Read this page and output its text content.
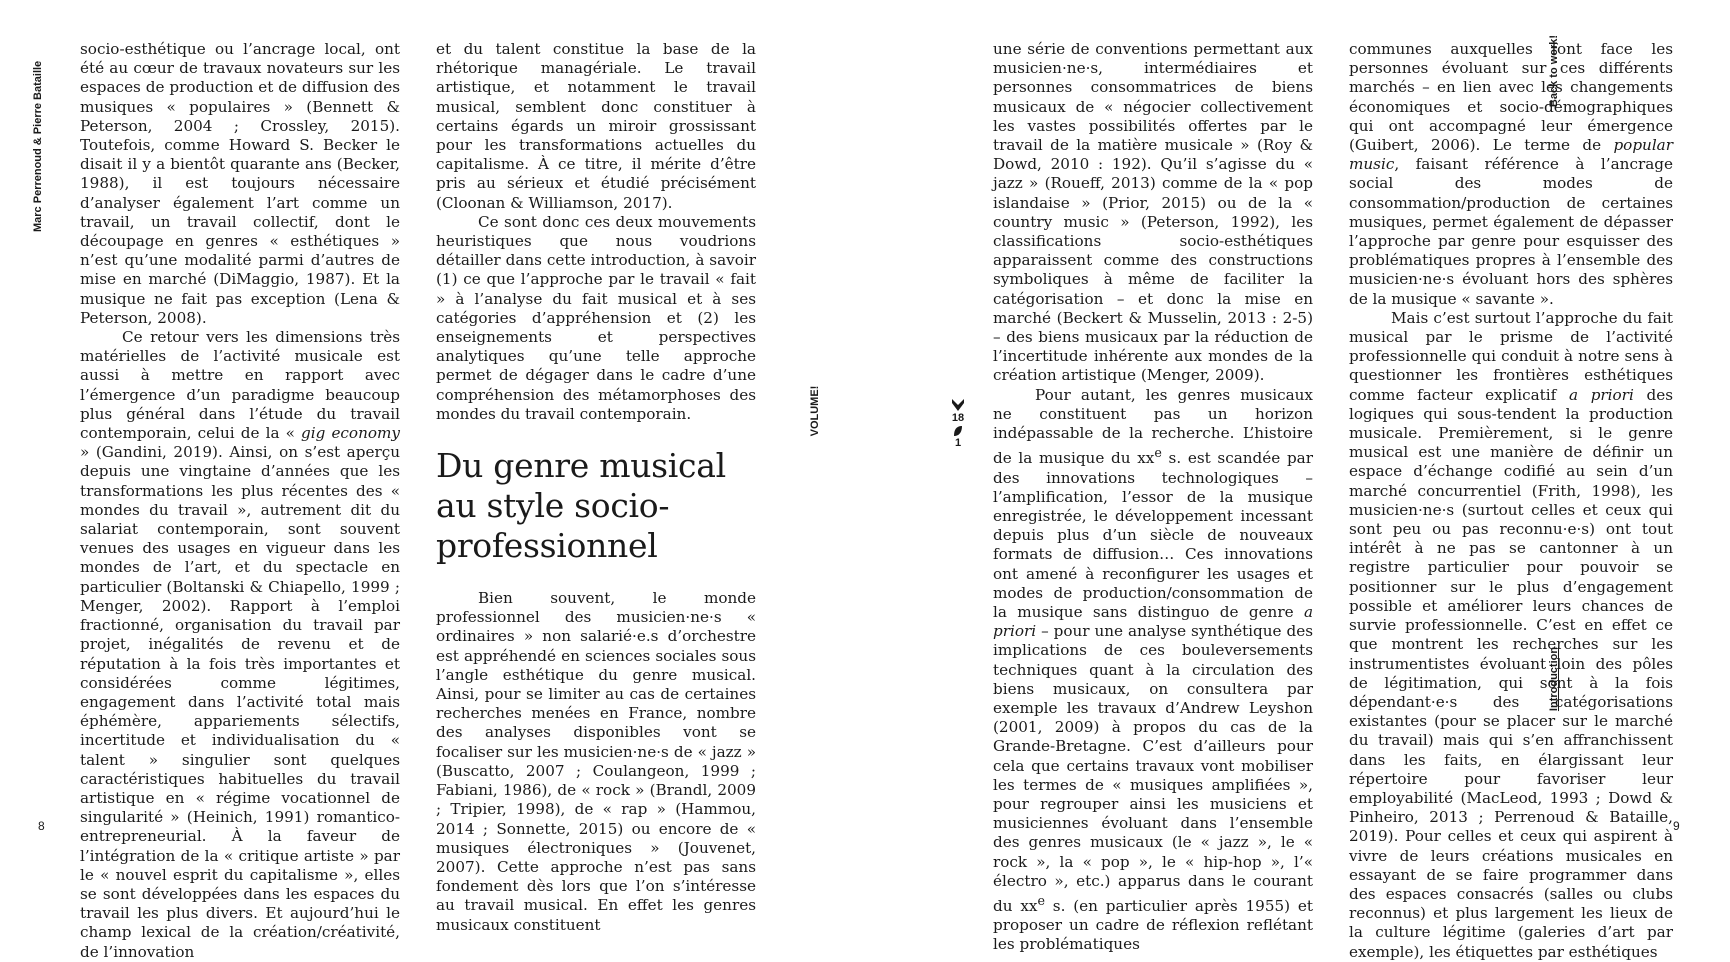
Marc Perrenoud & Pierre Bataille

socio-esthétique ou l’ancrage local, ont été au cœur de travaux novateurs sur les espaces de production et de diffusion des musiques « populaires » (Bennett & Peterson, 2004 ; Crossley, 2015). Toutefois, comme Howard S. Becker le disait il y a bientôt quarante ans (Becker, 1988), il est toujours nécessaire d’analyser également l’art comme un travail, un travail collectif, dont le découpage en genres « esthétiques » n’est qu’une modalité parmi d’autres de mise en marché (DiMaggio, 1987). Et la musique ne fait pas exception (Lena & Peterson, 2008).

Ce retour vers les dimensions très matérielles de l’activité musicale est aussi à mettre en rapport avec l’émergence d’un paradigme beaucoup plus général dans l’étude du travail contemporain, celui de la « gig economy » (Gandini, 2019). Ainsi, on s’est aperçu depuis une vingtaine d’années que les transformations les plus récentes des « mondes du travail », autrement dit du salariat contemporain, sont souvent venues des usages en vigueur dans les mondes de l’art, et du spectacle en particulier (Boltanski & Chiapello, 1999 ; Menger, 2002). Rapport à l’emploi fractionné, organisation du travail par projet, inégalités de revenu et de réputation à la fois très importantes et considérées comme légitimes, engagement dans l’activité total mais éphémère, appariements sélectifs, incertitude et individualisation du « talent » singulier sont quelques caractéristiques habituelles du travail artistique en « régime vocationnel de singularité » (Heinich, 1991) romantico-entrepreneurial. À la faveur de l’intégration de la « critique artiste » par le « nouvel esprit du capitalisme », elles se sont développées dans les espaces du travail les plus divers. Et aujourd’hui le champ lexical de la création/créativité, de l’innovation

et du talent constitue la base de la rhétorique managériale. Le travail artistique, et notamment le travail musical, semblent donc constituer à certains égards un miroir grossissant pour les transformations actuelles du capitalisme. À ce titre, il mérite d’être pris au sérieux et étudié précisément (Cloonan & Williamson, 2017).

Ce sont donc ces deux mouvements heuristiques que nous voudrions détailler dans cette introduction, à savoir (1) ce que l’approche par le travail « fait » à l’analyse du fait musical et à ses catégories d’appréhension et (2) les enseignements et perspectives analytiques qu’une telle approche permet de dégager dans le cadre d’une compréhension des métamorphoses des mondes du travail contemporain.

Du genre musical au style socio-professionnel

Bien souvent, le monde professionnel des musicien·ne·s « ordinaires » non salarié·e.s d’orchestre est appréhendé en sciences sociales sous l’angle esthétique du genre musical. Ainsi, pour se limiter au cas de certaines recherches menées en France, nombre des analyses disponibles vont se focaliser sur les musicien·ne·s de « jazz » (Buscatto, 2007 ; Coulangeon, 1999 ; Fabiani, 1986), de « rock » (Brandl, 2009 ; Tripier, 1998), de « rap » (Hammou, 2014 ; Sonnette, 2015) ou encore de « musiques électroniques » (Jouvenet, 2007). Cette approche n’est pas sans fondement dès lors que l’on s’intéresse au travail musical. En effet les genres musicaux constituent

8
VOLUME!	18
1

une série de conventions permettant aux musicien·ne·s, intermédiaires et personnes consommatrices de biens musicaux de « négocier collectivement les vastes possibilités offertes par le travail de la matière musicale » (Roy & Dowd, 2010 : 192). Qu’il s’agisse du « jazz » (Roueff, 2013) comme de la « pop islandaise » (Prior, 2015) ou de la « country music » (Peterson, 1992), les classifications socio-esthétiques apparaissent comme des constructions symboliques à même de faciliter la catégorisation – et donc la mise en marché (Beckert & Musselin, 2013 : 2-5) – des biens musicaux par la réduction de l’incertitude inhérente aux mondes de la création artistique (Menger, 2009).

Pour autant, les genres musicaux ne constituent pas un horizon indépassable de la recherche. L’histoire de la musique du $xx^e$ s. est scandée par des innovations technologiques – l’amplification, l’essor de la musique enregistrée, le développement incessant depuis plus d’un siècle de nouveaux formats de diffusion… Ces innovations ont amené à reconfigurer les usages et modes de production/consommation de la musique sans distinguo de genre a priori – pour une analyse synthétique des implications de ces bouleversements techniques quant à la circulation des biens musicaux, on consultera par exemple les travaux d’Andrew Leyshon (2001, 2009) à propos du cas de la Grande-Bretagne. C’est d’ailleurs pour cela que certains travaux vont mobiliser les termes de « musiques amplifiées », pour regrouper ainsi les musiciens et musiciennes évoluant dans l’ensemble des genres musicaux (le « jazz », le « rock », la « pop », le « hip-hop », l’« électro », etc.) apparus dans le courant du $xx^e$ s. (en particulier après 1955) et proposer un cadre de réflexion reflétant les problématiques

communes auxquelles font face les personnes évoluant sur ces différents marchés – en lien avec les changements économiques et socio-démographiques qui ont accompagné leur émergence (Guibert, 2006). Le terme de popular music, faisant référence à l’ancrage social des modes de consommation/production de certaines musiques, permet également de dépasser l’approche par genre pour esquisser des problématiques propres à l’ensemble des musicien·ne·s évoluant hors des sphères de la musique « savante ».

Mais c’est surtout l’approche du fait musical par le prisme de l’activité professionnelle qui conduit à notre sens à questionner les frontières esthétiques comme facteur explicatif a priori des logiques qui sous-tendent la production musicale. Premièrement, si le genre musical est une manière de définir un espace d’échange codifié au sein d’un marché concurrentiel (Frith, 1998), les musicien·ne·s (surtout celles et ceux qui sont peu ou pas reconnu·e·s) ont tout intérêt à ne pas se cantonner à un registre particulier pour pouvoir se positionner sur le plus d’engagement possible et améliorer leurs chances de survie professionnelle. C’est en effet ce que montrent les recherches sur les instrumentistes évoluant loin des pôles de légitimation, qui sont à la fois dépendant·e·s des catégorisations existantes (pour se placer sur le marché du travail) mais qui s’en affranchissent dans les faits, en élargissant leur répertoire pour favoriser leur employabilité (MacLeod, 1993 ; Dowd & Pinheiro, 2013 ; Perrenoud & Bataille, 2019). Pour celles et ceux qui aspirent à vivre de leurs créations musicales en essayant de se faire programmer dans des espaces consacrés (salles ou clubs reconnus) et plus largement les lieux de la culture légitime (galeries d’art par exemple), les étiquettes par esthétiques

Back to work!
Introduction
9
